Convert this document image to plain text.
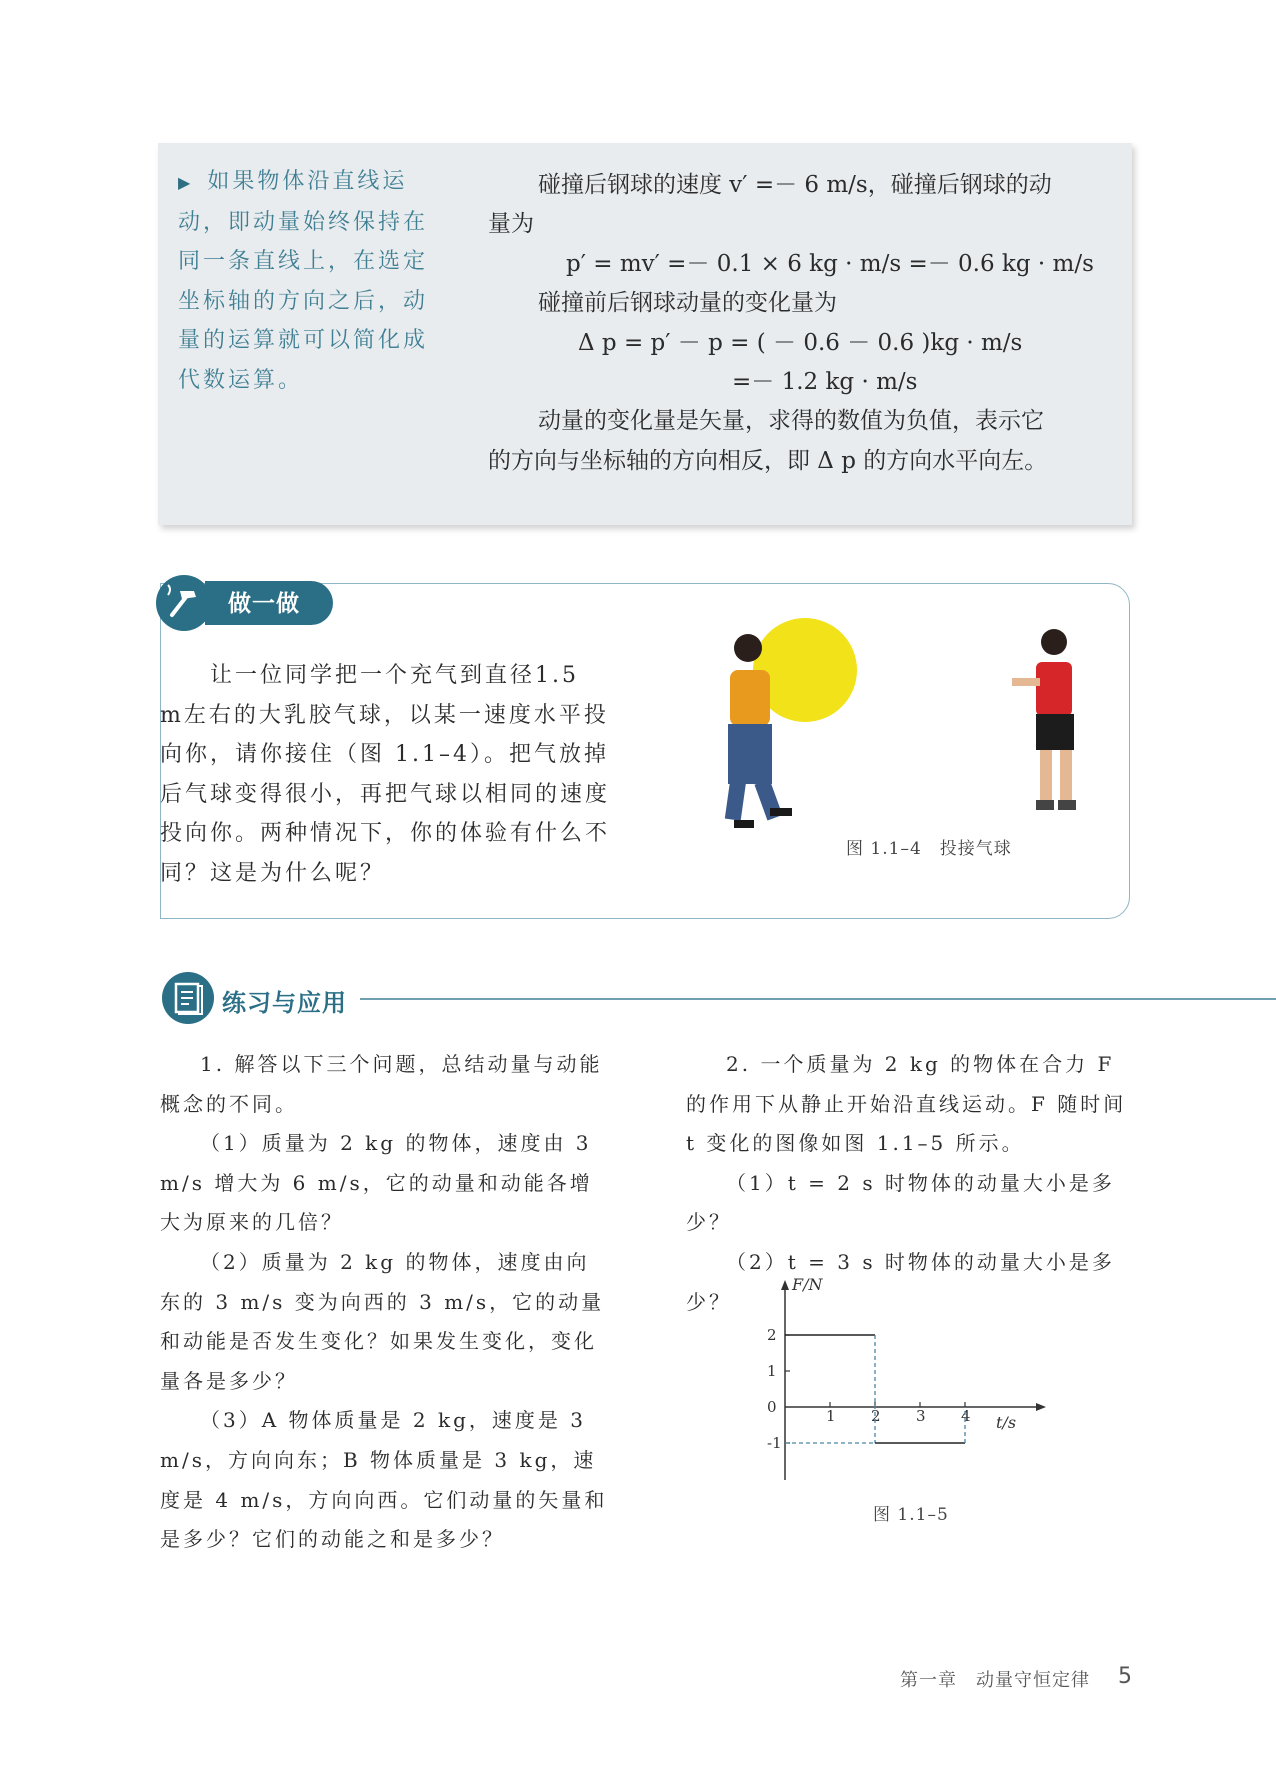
▶ 如果物体沿直线运动，即动量始终保持在同一条直线上，在选定坐标轴的方向之后，动量的运算就可以简化成代数运算。
碰撞后钢球的速度 v′ =－ 6 m/s，碰撞后钢球的动
量为
p′ = mv′ =－ 0.1 × 6 kg · m/s =－ 0.6 kg · m/s
碰撞前后钢球动量的变化量为
Δ p = p′ － p = ( － 0.6 － 0.6 )kg · m/s
=－ 1.2 kg · m/s
动量的变化量是矢量，求得的数值为负值，表示它
的方向与坐标轴的方向相反，即 Δ p 的方向水平向左。
做一做
让一位同学把一个充气到直径1.5 m左右的大乳胶气球，以某一速度水平投向你，请你接住（图 1.1–4）。把气放掉后气球变得很小，再把气球以相同的速度投向你。两种情况下，你的体验有什么不同？这是为什么呢？
图 1.1–4　投接气球
练习与应用

1. 解答以下三个问题，总结动量与动能概念的不同。

（1）质量为 2 kg 的物体，速度由 3 m/s 增大为 6 m/s，它的动量和动能各增大为原来的几倍？

（2）质量为 2 kg 的物体，速度由向东的 3 m/s 变为向西的 3 m/s，它的动量和动能是否发生变化？如果发生变化，变化量各是多少？

（3）A 物体质量是 2 kg，速度是 3 m/s，方向向东；B 物体质量是 3 kg，速度是 4 m/s，方向向西。它们动量的矢量和是多少？它们的动能之和是多少？

2. 一个质量为 2 kg 的物体在合力 F 的作用下从静止开始沿直线运动。F 随时间 t 变化的图像如图 1.1–5 所示。

（1）t = 2 s 时物体的动量大小是多少？

（2）t = 3 s 时物体的动量大小是多少？

F/N
t/s
1 2 3 4
2
1
0
-1
图 1.1–5
第一章　动量守恒定律 5
